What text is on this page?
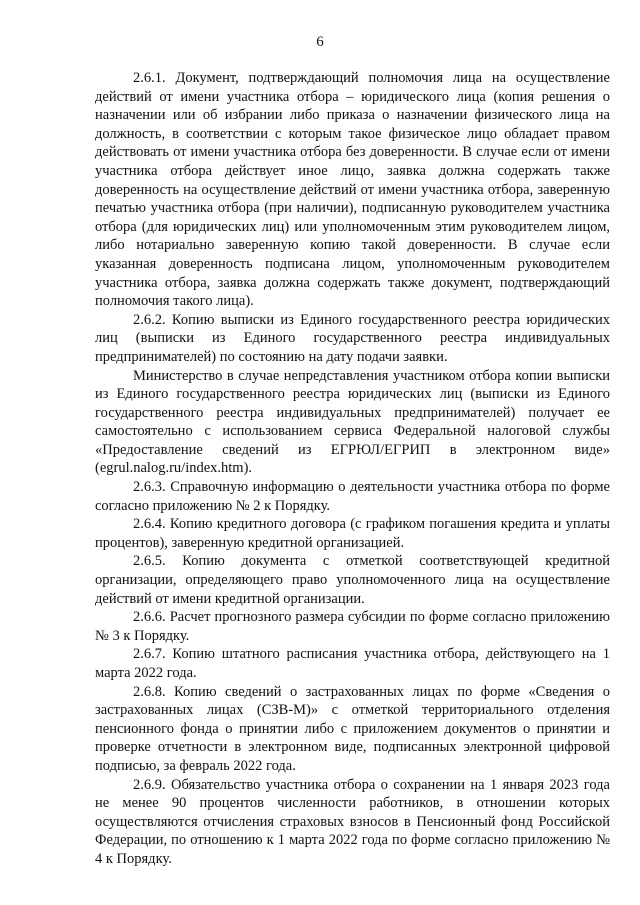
6

2.6.1. Документ, подтверждающий полномочия лица на осуществление действий от имени участника отбора – юридического лица (копия решения о назначении или об избрании либо приказа о назначении физического лица на должность, в соответствии с которым такое физическое лицо обладает правом действовать от имени участника отбора без доверенности. В случае если от имени участника отбора действует иное лицо, заявка должна содержать также доверенность на осуществление действий от имени участника отбора, заверенную печатью участника отбора (при наличии), подписанную руководителем участника отбора (для юридических лиц) или уполномоченным этим руководителем лицом, либо нотариально заверенную копию такой доверенности. В случае если указанная доверенность подписана лицом, уполномоченным руководителем участника отбора, заявка должна содержать также документ, подтверждающий полномочия такого лица).

2.6.2. Копию выписки из Единого государственного реестра юридических лиц (выписки из Единого государственного реестра индивидуальных предпринимателей) по состоянию на дату подачи заявки.

Министерство в случае непредставления участником отбора копии выписки из Единого государственного реестра юридических лиц (выписки из Единого государственного реестра индивидуальных предпринимателей) получает ее самостоятельно с использованием сервиса Федеральной налоговой службы «Предоставление сведений из ЕГРЮЛ/ЕГРИП в электронном виде» (egrul.nalog.ru/index.htm).

2.6.3. Справочную информацию о деятельности участника отбора по форме согласно приложению № 2 к Порядку.

2.6.4. Копию кредитного договора (с графиком погашения кредита и уплаты процентов), заверенную кредитной организацией.

2.6.5. Копию документа с отметкой соответствующей кредитной организации, определяющего право уполномоченного лица на осуществление действий от имени кредитной организации.

2.6.6. Расчет прогнозного размера субсидии по форме согласно приложению № 3 к Порядку.

2.6.7. Копию штатного расписания участника отбора, действующего на 1 марта 2022 года.

2.6.8. Копию сведений о застрахованных лицах по форме «Сведения о застрахованных лицах (СЗВ-М)» с отметкой территориального отделения пенсионного фонда о принятии либо с приложением документов о принятии и проверке отчетности в электронном виде, подписанных электронной цифровой подписью, за февраль 2022 года.

2.6.9. Обязательство участника отбора о сохранении на 1 января 2023 года не менее 90 процентов численности работников, в отношении которых осуществляются отчисления страховых взносов в Пенсионный фонд Российской Федерации, по отношению к 1 марта 2022 года по форме согласно приложению № 4 к Порядку.
